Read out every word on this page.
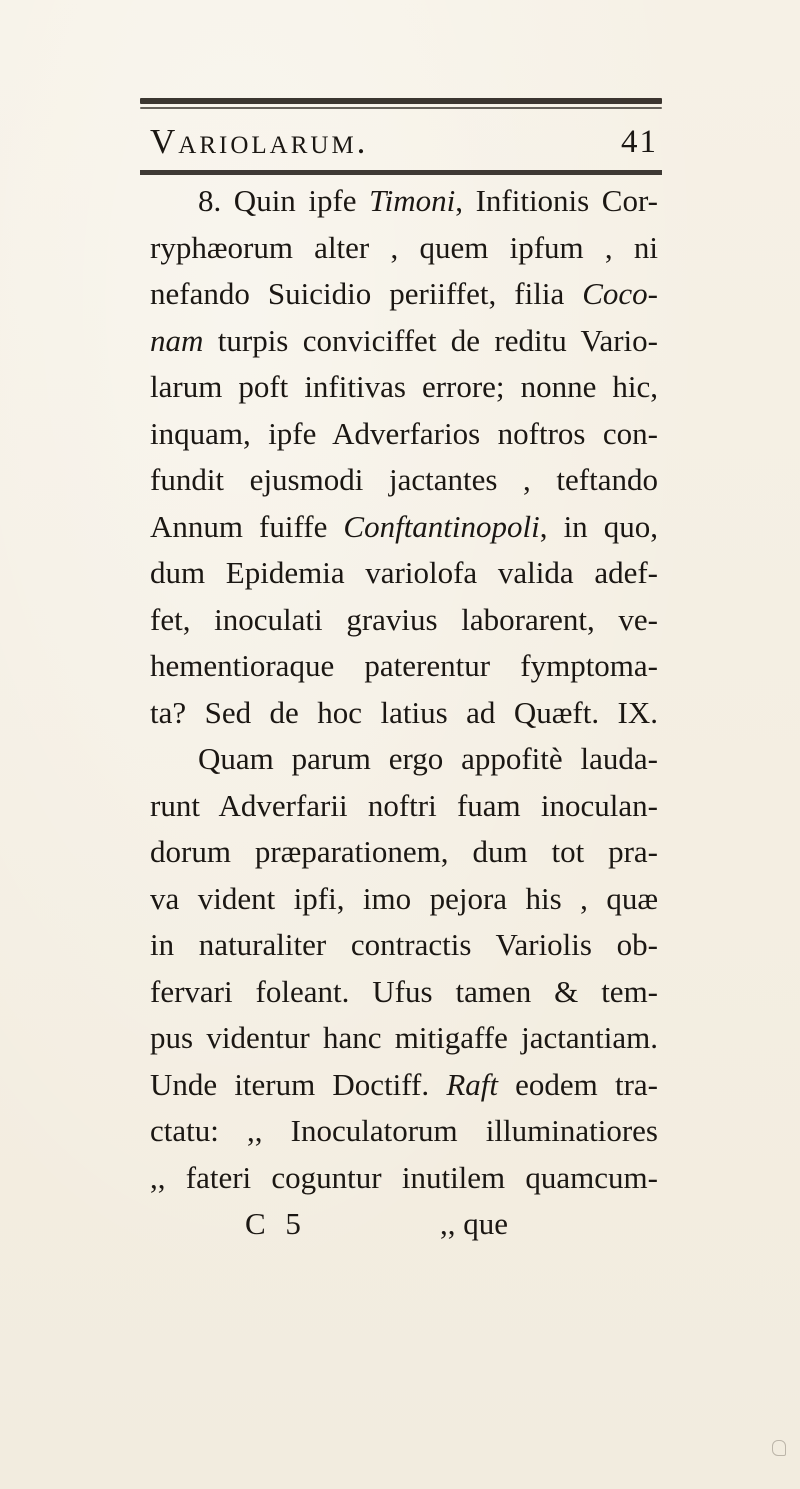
Variolarum.	41
8. Quin ipfe Timoni, Infitionis Cor-
ryphæorum alter , quem ipfum , ni
nefando Suicidio periiffet, filia Coco-
nam turpis conviciffet de reditu Vario-
larum poft infitivas errore; nonne hic,
inquam, ipfe Adverfarios noftros con-
fundit ejusmodi jactantes , teftando
Annum fuiffe Conftantinopoli, in quo,
dum Epidemia variolofa valida adef-
fet, inoculati gravius laborarent, ve-
hementioraque paterentur fymptoma-
ta? Sed de hoc latius ad Quæft. IX.
Quam parum ergo appofitè lauda-
runt Adverfarii noftri fuam inoculan-
dorum præparationem, dum tot pra-
va vident ipfi, imo pejora his , quæ
in naturaliter contractis Variolis ob-
fervari foleant. Ufus tamen & tem-
pus videntur hanc mitigaffe jactantiam.
Unde iterum Doctiff. Raft eodem tra-
ctatu: ,, Inoculatorum illuminatiores
,, fateri coguntur inutilem quamcum-
C 5	,, que
